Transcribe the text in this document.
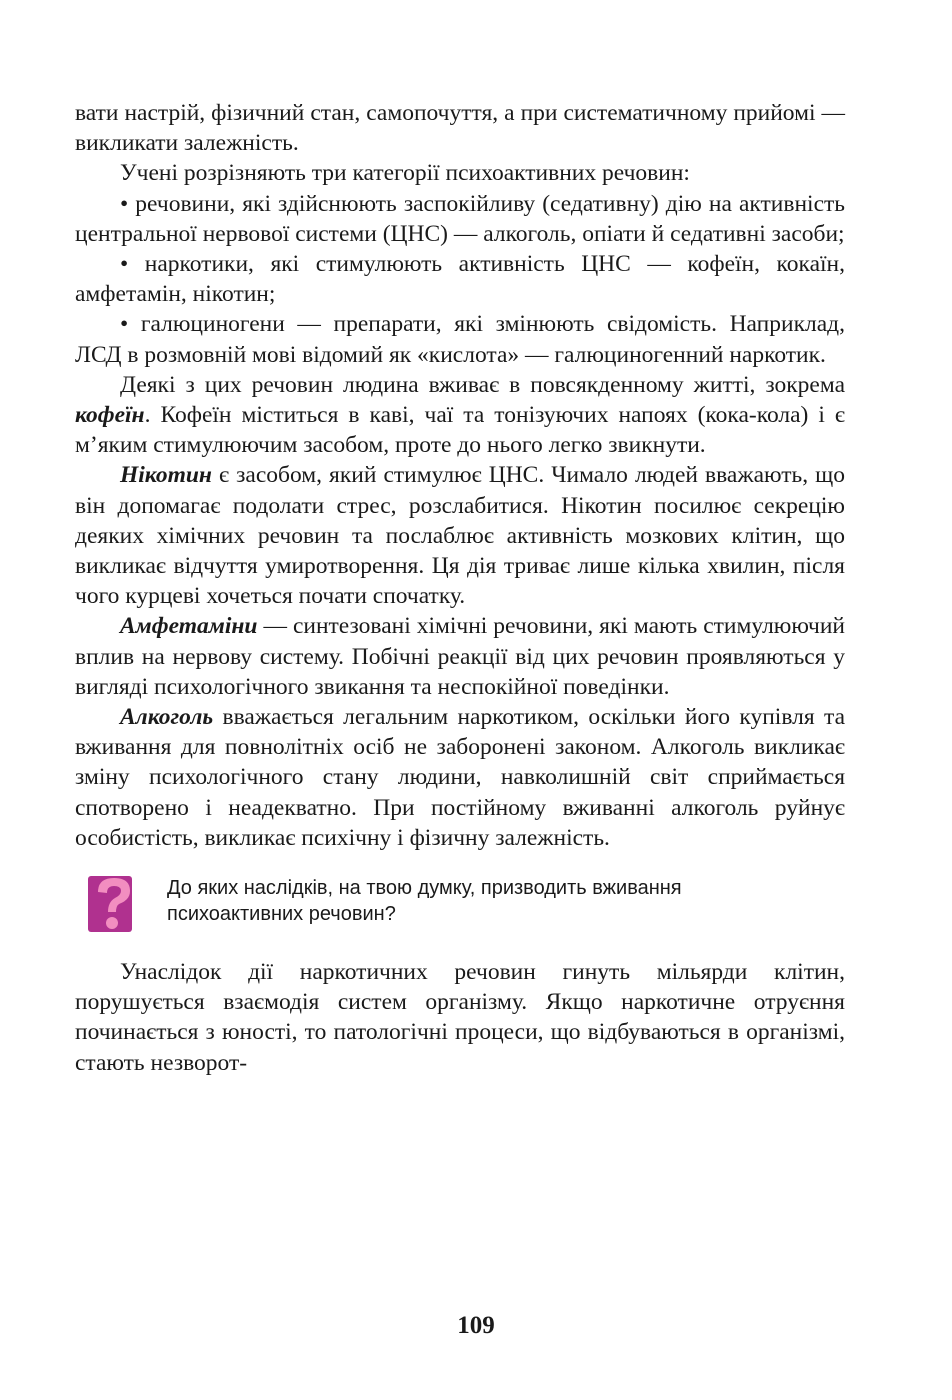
вати настрій, фізичний стан, самопочуття, а при систематичному прийомі — викликати залежність.

Учені розрізняють три категорії психоактивних речовин:

• речовини, які здійснюють заспокійливу (седативну) дію на активність центральної нервової системи (ЦНС) — алкоголь, опіати й седативні засоби;

• наркотики, які стимулюють активність ЦНС — кофеїн, кокаїн, амфетамін, нікотин;

• галюциногени — препарати, які змінюють свідомість. Наприклад, ЛСД в розмовній мові відомий як «кислота» — галюциногенний наркотик.

Деякі з цих речовин людина вживає в повсякденному житті, зокрема кофеїн. Кофеїн міститься в каві, чаї та тонізуючих напоях (кока-кола) і є м’яким стимулюючим засобом, проте до нього легко звикнути.

Нікотин є засобом, який стимулює ЦНС. Чимало людей вважають, що він допомагає подолати стрес, розслабитися. Нікотин посилює секрецію деяких хімічних речовин та послаблює активність мозкових клітин, що викликає відчуття умиротворення. Ця дія триває лише кілька хвилин, після чого курцеві хочеться почати спочатку.

Амфетаміни — синтезовані хімічні речовини, які мають стимулюючий вплив на нервову систему. Побічні реакції від цих речовин проявляються у вигляді психологічного звикання та неспокійної поведінки.

Алкоголь вважається легальним наркотиком, оскільки його купівля та вживання для повнолітніх осіб не заборонені законом. Алкоголь викликає зміну психологічного стану людини, навколишній світ сприймається спотворено і неадекватно. При постійному вживанні алкоголь руйнує особистість, викликає психічну і фізичну залежність.

До яких наслідків, на твою думку, призводить вживання психоактивних речовин?

Унаслідок дії наркотичних речовин гинуть мільярди клітин, порушується взаємодія систем організму. Якщо наркотичне отруєння починається з юності, то патологічні процеси, що відбуваються в організмі, стають незворот-

109
